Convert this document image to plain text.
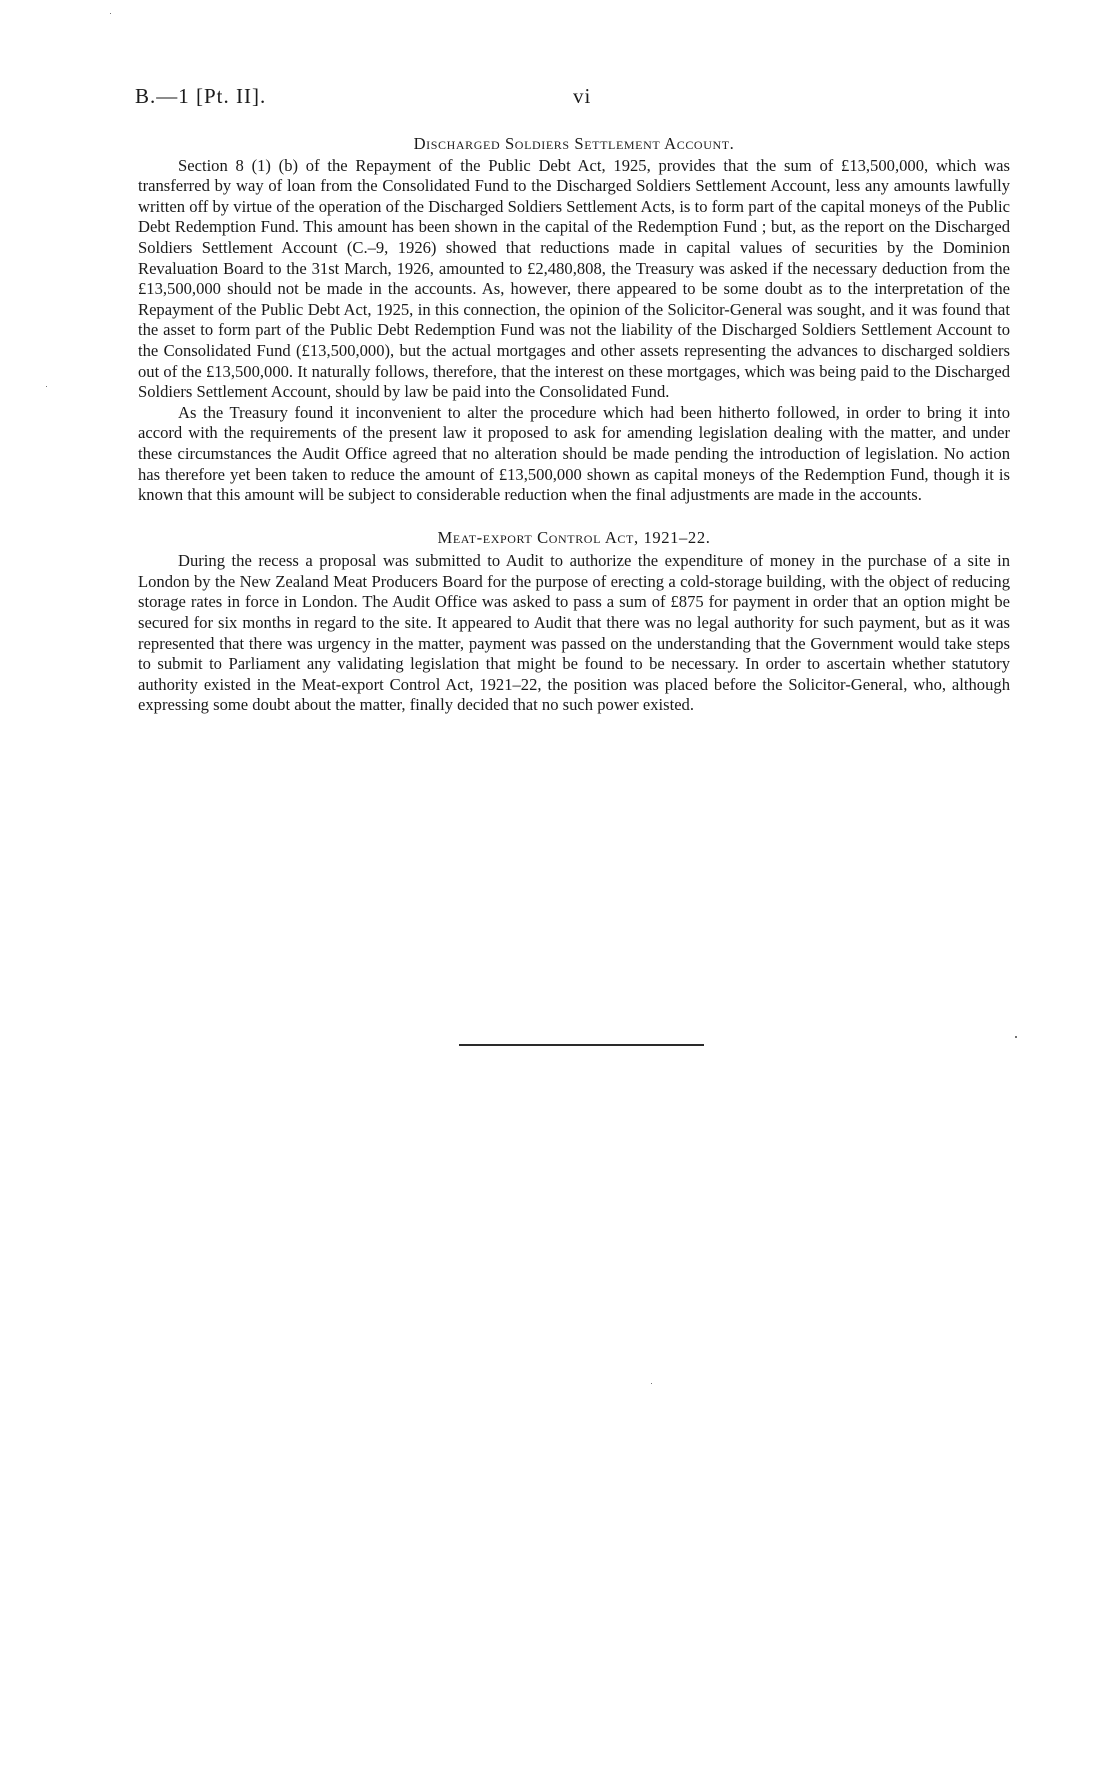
B.—1 [Pt. II].	vi
Discharged Soldiers Settlement Account.

Section 8 (1) (b) of the Repayment of the Public Debt Act, 1925, provides that the sum of £13,500,000, which was transferred by way of loan from the Consolidated Fund to the Discharged Soldiers Settlement Account, less any amounts lawfully written off by virtue of the operation of the Discharged Soldiers Settlement Acts, is to form part of the capital moneys of the Public Debt Redemption Fund. This amount has been shown in the capital of the Redemption Fund ; but, as the report on the Discharged Soldiers Settlement Account (C.–9, 1926) showed that reductions made in capital values of securities by the Dominion Revaluation Board to the 31st March, 1926, amounted to £2,480,808, the Treasury was asked if the necessary deduction from the £13,500,000 should not be made in the accounts. As, however, there appeared to be some doubt as to the interpretation of the Repayment of the Public Debt Act, 1925, in this connection, the opinion of the Solicitor-General was sought, and it was found that the asset to form part of the Public Debt Redemption Fund was not the liability of the Discharged Soldiers Settlement Account to the Consolidated Fund (£13,500,000), but the actual mortgages and other assets representing the advances to discharged soldiers out of the £13,500,000. It naturally follows, therefore, that the interest on these mortgages, which was being paid to the Discharged Soldiers Settlement Account, should by law be paid into the Consolidated Fund.

As the Treasury found it inconvenient to alter the procedure which had been hitherto followed, in order to bring it into accord with the requirements of the present law it proposed to ask for amending legislation dealing with the matter, and under these circumstances the Audit Office agreed that no alteration should be made pending the introduction of legislation. No action has therefore yet been taken to reduce the amount of £13,500,000 shown as capital moneys of the Redemption Fund, though it is known that this amount will be subject to considerable reduction when the final adjustments are made in the accounts.

Meat-export Control Act, 1921–22.

During the recess a proposal was submitted to Audit to authorize the expenditure of money in the purchase of a site in London by the New Zealand Meat Producers Board for the purpose of erecting a cold-storage building, with the object of reducing storage rates in force in London. The Audit Office was asked to pass a sum of £875 for payment in order that an option might be secured for six months in regard to the site. It appeared to Audit that there was no legal authority for such payment, but as it was represented that there was urgency in the matter, payment was passed on the understanding that the Government would take steps to submit to Parliament any validating legislation that might be found to be necessary. In order to ascertain whether statutory authority existed in the Meat-export Control Act, 1921–22, the position was placed before the Solicitor-General, who, although expressing some doubt about the matter, finally decided that no such power existed.
